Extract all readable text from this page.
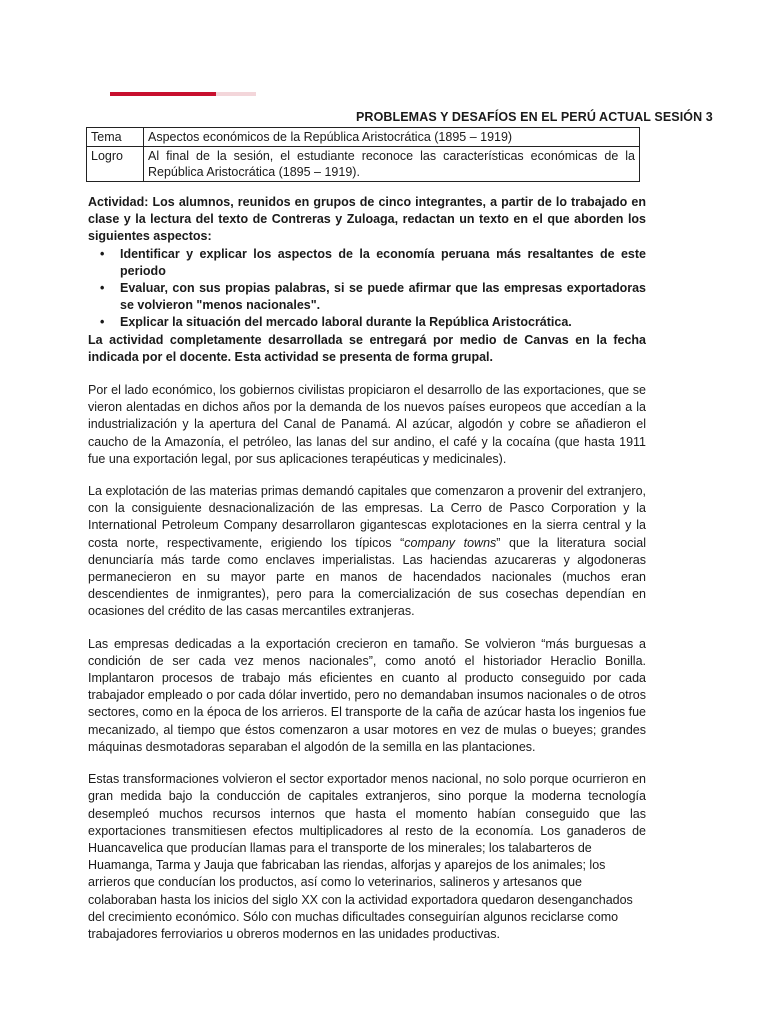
PROBLEMAS Y DESAFÍOS EN EL PERÚ ACTUAL SESIÓN 3
Tema	Aspectos económicos de la República Aristocrática (1895 – 1919)
Logro	Al final de la sesión, el estudiante reconoce las características económicas de la República Aristocrática (1895 – 1919).

Actividad: Los alumnos, reunidos en grupos de cinco integrantes, a partir de lo trabajado en clase y la lectura del texto de Contreras y Zuloaga, redactan un texto en el que aborden los siguientes aspectos:

• Identificar y explicar los aspectos de la economía peruana más resaltantes de este periodo
• Evaluar, con sus propias palabras, si se puede afirmar que las empresas exportadoras se volvieron "menos nacionales".
• Explicar la situación del mercado laboral durante la República Aristocrática.

La actividad completamente desarrollada se entregará por medio de Canvas en la fecha indicada por el docente. Esta actividad se presenta de forma grupal.

Por el lado económico, los gobiernos civilistas propiciaron el desarrollo de las exportaciones, que se vieron alentadas en dichos años por la demanda de los nuevos países europeos que accedían a la industrialización y la apertura del Canal de Panamá. Al azúcar, algodón y cobre se añadieron el caucho de la Amazonía, el petróleo, las lanas del sur andino, el café y la cocaína (que hasta 1911 fue una exportación legal, por sus aplicaciones terapéuticas y medicinales).

La explotación de las materias primas demandó capitales que comenzaron a provenir del extranjero, con la consiguiente desnacionalización de las empresas. La Cerro de Pasco Corporation y la International Petroleum Company desarrollaron gigantescas explotaciones en la sierra central y la costa norte, respectivamente, erigiendo los típicos “company towns” que la literatura social denunciaría más tarde como enclaves imperialistas. Las haciendas azucareras y algodoneras permanecieron en su mayor parte en manos de hacendados nacionales (muchos eran descendientes de inmigrantes), pero para la comercialización de sus cosechas dependían en ocasiones del crédito de las casas mercantiles extranjeras.

Las empresas dedicadas a la exportación crecieron en tamaño. Se volvieron “más burguesas a condición de ser cada vez menos nacionales”, como anotó el historiador Heraclio Bonilla. Implantaron procesos de trabajo más eficientes en cuanto al producto conseguido por cada trabajador empleado o por cada dólar invertido, pero no demandaban insumos nacionales o de otros sectores, como en la época de los arrieros. El transporte de la caña de azúcar hasta los ingenios fue mecanizado, al tiempo que éstos comenzaron a usar motores en vez de mulas o bueyes; grandes máquinas desmotadoras separaban el algodón de la semilla en las plantaciones.

Estas transformaciones volvieron el sector exportador menos nacional, no solo porque ocurrieron en gran medida bajo la conducción de capitales extranjeros, sino porque la moderna tecnología desempleó muchos recursos internos que hasta el momento habían conseguido que las exportaciones transmitiesen efectos multiplicadores al resto de la economía. Los ganaderos de Huancavelica que producían llamas para el transporte de los minerales; los talabarteros de

Huamanga, Tarma y Jauja que fabricaban las riendas, alforjas y aparejos de los animales; los arrieros que conducían los productos, así como lo veterinarios, salineros y artesanos que colaboraban hasta los inicios del siglo XX con la actividad exportadora quedaron desenganchados del crecimiento económico. Sólo con muchas dificultades conseguirían algunos reciclarse como trabajadores ferroviarios u obreros modernos en las unidades productivas.
